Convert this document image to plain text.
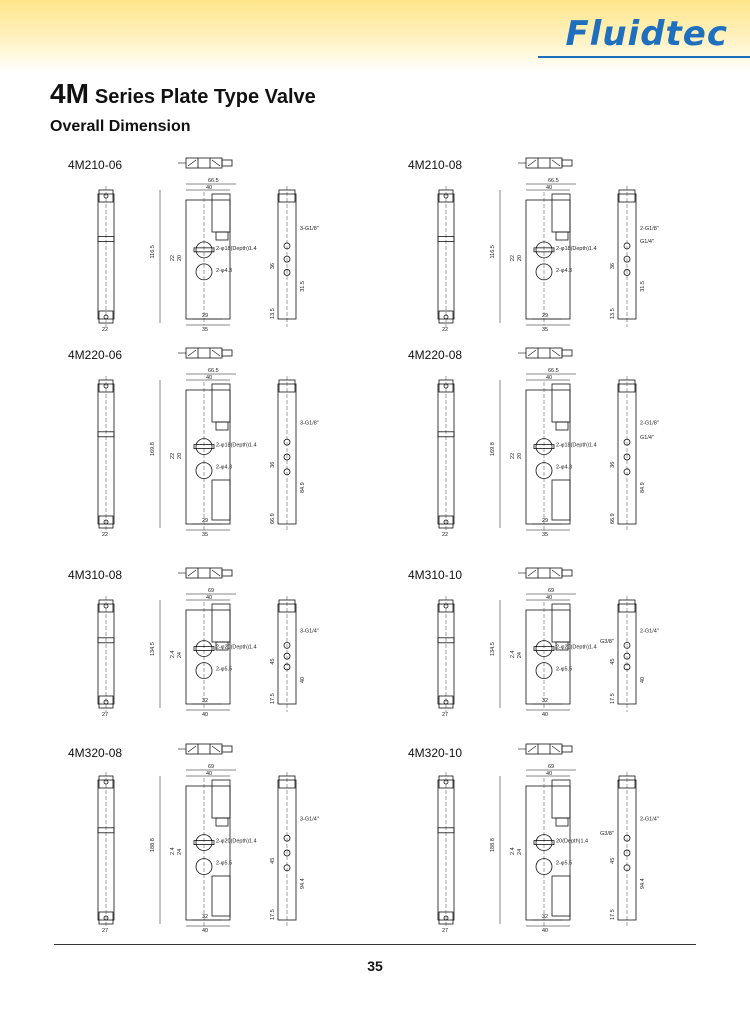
Fluidtec
4M Series Plate Type Valve
Overall Dimension
4M210-06	4M210-08
4M220-06	4M220-08
4M310-08	4M310-10
4M320-08	4M320-10
22
66.5
40
116.5	2-φ18(Depth)1.4
2-φ4.3
22 20
29
35
3-G1/8"
36
31.5
13.5
22
66.5
40
116.5	2-φ18(Depth)1.4
2-φ4.3
22 20
29
35
2-G1/8"
G1/4"
36
31.5
13.5
22
66.5
40
169.8	2-φ18(Depth)1.4
2-φ4.3
22 20
29
35
3-G1/8"
36
84.9
66.9
22
66.5
40
169.8	2-φ18(Depth)1.4
2-φ4.3
22 20
29
35
2-G1/8"
G1/4"
36
84.9
66.9
27
69
40
134.5	2-φ20(Depth)1.4
2-φ5.5
2.4 24
32
40
3-G1/4"
45
40
17.5
27
69
40
134.5	2-φ20(Depth)1.4
2-φ5.5
2.4 24
32
40
2-G1/4"
G3/8"
45
40
17.5
27
69
40
188.8	2-φ20(Depth)1.4
2-φ5.5
2.4 24
32
40
3-G1/4"
45
94.4
17.5
27
69
40
188.8	20(Depth)1.4
2-φ5.5
2.4 24
32
40
2-G1/4"
G3/8"
45
94.4
17.5
35
